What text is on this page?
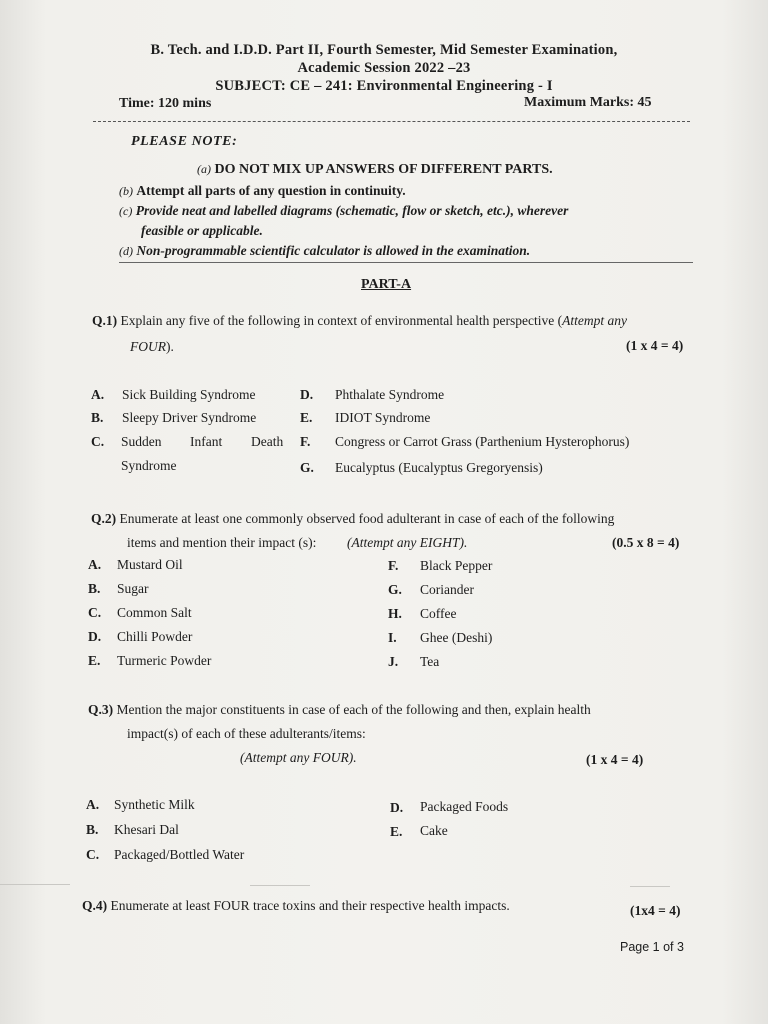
B. Tech. and I.D.D. Part II, Fourth Semester, Mid Semester Examination,
Academic Session 2022 –23
SUBJECT: CE – 241: Environmental Engineering - I
Time: 120 mins	Maximum Marks: 45
PLEASE NOTE:
(a) DO NOT MIX UP ANSWERS OF DIFFERENT PARTS.
(b) Attempt all parts of any question in continuity.
(c) Provide neat and labelled diagrams (schematic, flow or sketch, etc.), wherever
feasible or applicable.
(d) Non-programmable scientific calculator is allowed in the examination.
PART-A
Q.1) Explain any five of the following in context of environmental health perspective (Attempt any
FOUR).	(1 x 4 = 4)
A. Sick Building Syndrome
B. Sleepy Driver Syndrome
C. Sudden Infant Death
Syndrome
D. Phthalate Syndrome
E. IDIOT Syndrome
F. Congress or Carrot Grass (Parthenium Hysterophorus)
G. Eucalyptus (Eucalyptus Gregoryensis)
Q.2) Enumerate at least one commonly observed food adulterant in case of each of the following
items and mention their impact (s): (Attempt any EIGHT).	(0.5 x 8 = 4)
A. Mustard Oil
B. Sugar
C. Common Salt
D. Chilli Powder
E. Turmeric Powder
F. Black Pepper
G. Coriander
H. Coffee
I. Ghee (Deshi)
J. Tea
Q.3) Mention the major constituents in case of each of the following and then, explain health
impact(s) of each of these adulterants/items:
(Attempt any FOUR).	(1 x 4 = 4)
A. Synthetic Milk
B. Khesari Dal
C. Packaged/Bottled Water
D. Packaged Foods
E. Cake
Q.4) Enumerate at least FOUR trace toxins and their respective health impacts.	(1x4 = 4)
Page 1 of 3
